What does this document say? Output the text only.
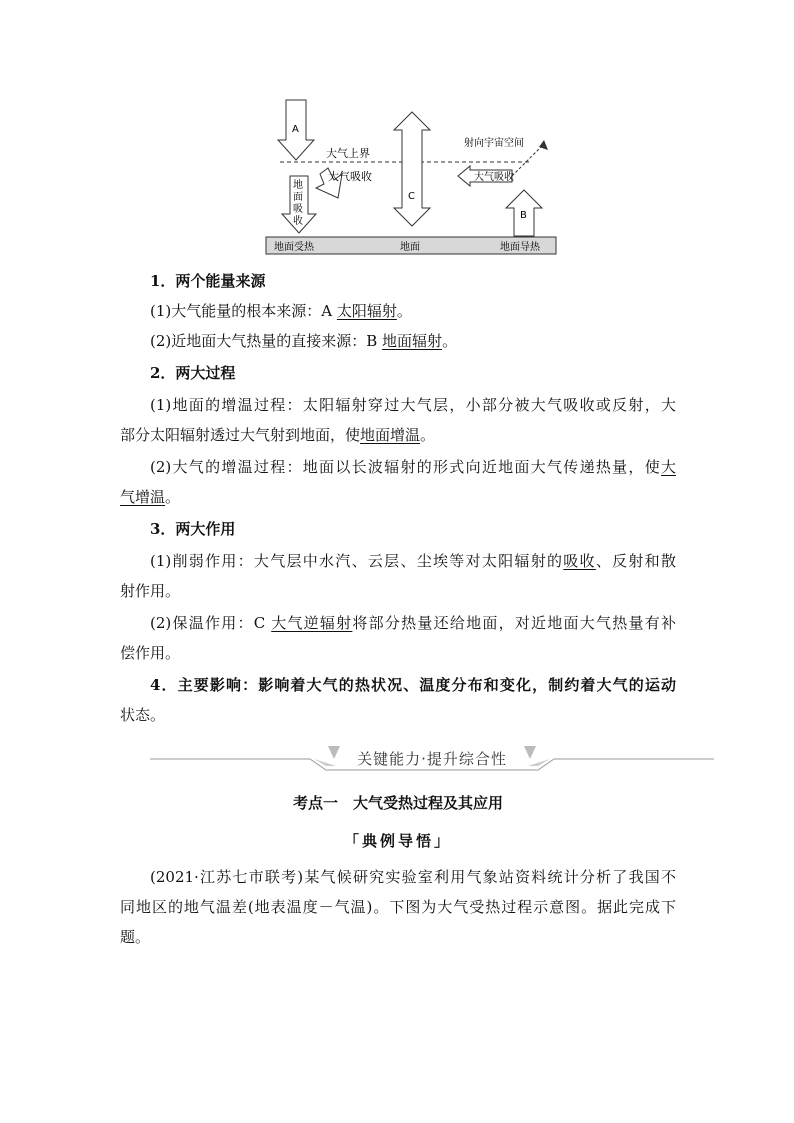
地面受热	地面	地面导热
大气上界
A
地
面
吸
收
大气吸收
C
射向宇宙空间
大气吸收
B
1．两个能量来源
(1)大气能量的根本来源：A 太阳辐射。
(2)近地面大气热量的直接来源：B 地面辐射。
2．两大过程
(1)地面的增温过程：太阳辐射穿过大气层，小部分被大气吸收或反射，大
部分太阳辐射透过大气射到地面，使地面增温。
(2)大气的增温过程：地面以长波辐射的形式向近地面大气传递热量，使大
气增温。
3．两大作用
(1)削弱作用：大气层中水汽、云层、尘埃等对太阳辐射的吸收、反射和散
射作用。
(2)保温作用：C 大气逆辐射将部分热量还给地面，对近地面大气热量有补
偿作用。
4．主要影响：影响着大气的热状况、温度分布和变化，制约着大气的运动
状态。
关键能力·提升综合性
考点一　大气受热过程及其应用
「典例导悟」
(2021·江苏七市联考)某气候研究实验室利用气象站资料统计分析了我国不
同地区的地气温差(地表温度－气温)。下图为大气受热过程示意图。据此完成下
题。
